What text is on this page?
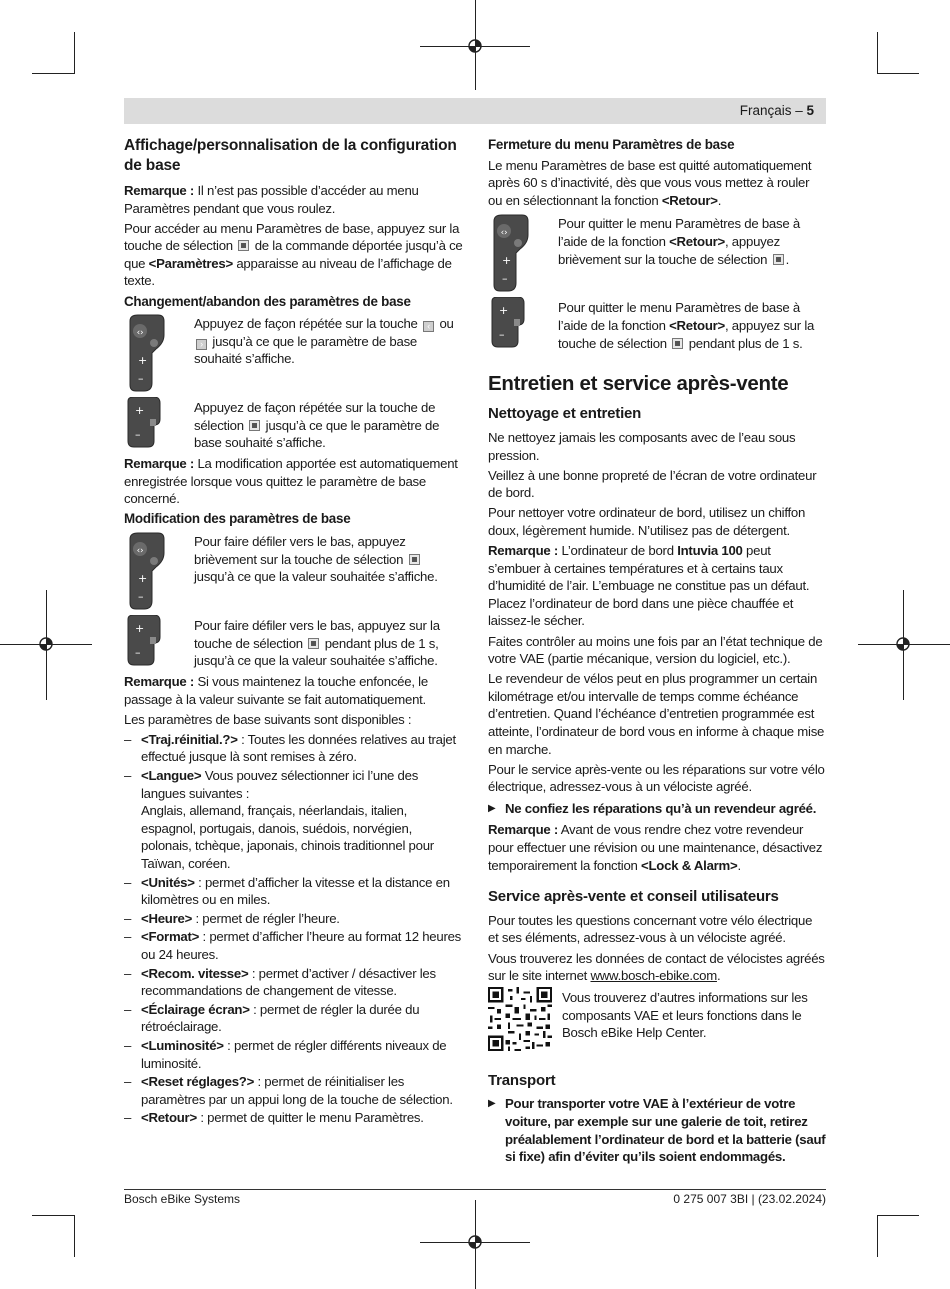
Français – 5
Affichage/personnalisation de la configuration de base

Remarque : Il n’est pas possible d’accéder au menu Paramètres pendant que vous roulez.

Pour accéder au menu Paramètres de base, appuyez sur la touche de sélection  de la commande déportée jusqu’à ce que <Paramètres> apparaisse au niveau de l’affichage de texte.

Changement/abandon des paramètres de base
Appuyez de façon répétée sur la touche ‹ ou › jusqu’à ce que le paramètre de base souhaité s’affiche.
Appuyez de façon répétée sur la touche de sélection  jusqu’à ce que le paramètre de base souhaité s’affiche.

Remarque : La modification apportée est automatiquement enregistrée lorsque vous quittez le paramètre de base concerné.

Modification des paramètres de base
Pour faire défiler vers le bas, appuyez brièvement sur la touche de sélection  jusqu’à ce que la valeur souhaitée s’affiche.
Pour faire défiler vers le bas, appuyez sur la touche de sélection  pendant plus de 1 s, jusqu’à ce que la valeur souhaitée s’affiche.

Remarque : Si vous maintenez la touche enfoncée, le passage à la valeur suivante se fait automatiquement.

Les paramètres de base suivants sont disponibles :

– <Traj.réinitial.?> : Toutes les données relatives au trajet effectué jusque là sont remises à zéro.
– <Langue> Vous pouvez sélectionner ici l’une des langues suivantes :
Anglais, allemand, français, néerlandais, italien, espagnol, portugais, danois, suédois, norvégien, polonais, tchèque, japonais, chinois traditionnel pour Taïwan, coréen.
– <Unités> : permet d’afficher la vitesse et la distance en kilomètres ou en miles.
– <Heure> : permet de régler l’heure.
– <Format> : permet d’afficher l’heure au format 12 heures ou 24 heures.
– <Recom. vitesse> : permet d’activer / désactiver les recommandations de changement de vitesse.
– <Éclairage écran> : permet de régler la durée du rétroéclairage.
– <Luminosité> : permet de régler différents niveaux de luminosité.
– <Reset réglages?> : permet de réinitialiser les paramètres par un appui long de la touche de sélection.
– <Retour> : permet de quitter le menu Paramètres.
Fermeture du menu Paramètres de base

Le menu Paramètres de base est quitté automatiquement après 60 s d’inactivité, dès que vous vous mettez à rouler ou en sélectionnant la fonction <Retour>.

Pour quitter le menu Paramètres de base à l’aide de la fonction <Retour>, appuyez brièvement sur la touche de sélection .
Pour quitter le menu Paramètres de base à l’aide de la fonction <Retour>, appuyez sur la touche de sélection  pendant plus de 1 s.
Entretien et service après-vente
Nettoyage et entretien

Ne nettoyez jamais les composants avec de l’eau sous pression.

Veillez à une bonne propreté de l’écran de votre ordinateur de bord.

Pour nettoyer votre ordinateur de bord, utilisez un chiffon doux, légèrement humide. N’utilisez pas de détergent.

Remarque : L’ordinateur de bord Intuvia 100 peut s’embuer à certaines températures et à certains taux d’humidité de l’air. L’embuage ne constitue pas un défaut. Placez l’ordinateur de bord dans une pièce chauffée et laissez-le sécher.

Faites contrôler au moins une fois par an l’état technique de votre VAE (partie mécanique, version du logiciel, etc.).

Le revendeur de vélos peut en plus programmer un certain kilométrage et/ou intervalle de temps comme échéance d’entretien. Quand l’échéance d’entretien programmée est atteinte, l’ordinateur de bord vous en informe à chaque mise en marche.

Pour le service après-vente ou les réparations sur votre vélo électrique, adressez-vous à un vélociste agréé.

▶ Ne confiez les réparations qu’à un revendeur agréé.

Remarque : Avant de vous rendre chez votre revendeur pour effectuer une révision ou une maintenance, désactivez temporairement la fonction <Lock & Alarm>.

Service après-vente et conseil utilisateurs

Pour toutes les questions concernant votre vélo électrique et ses éléments, adressez-vous à un vélociste agréé.

Vous trouverez les données de contact de vélocistes agréés sur le site internet www.bosch-ebike.com.

Vous trouverez d’autres informations sur les composants VAE et leurs fonctions dans le Bosch eBike Help Center.
Transport

▶ Pour transporter votre VAE à l’extérieur de votre voiture, par exemple sur une galerie de toit, retirez préalablement l’ordinateur de bord et la batterie (sauf si fixe) afin d’éviter qu’ils soient endommagés.

Bosch eBike Systems	0 275 007 3BI | (23.02.2024)
